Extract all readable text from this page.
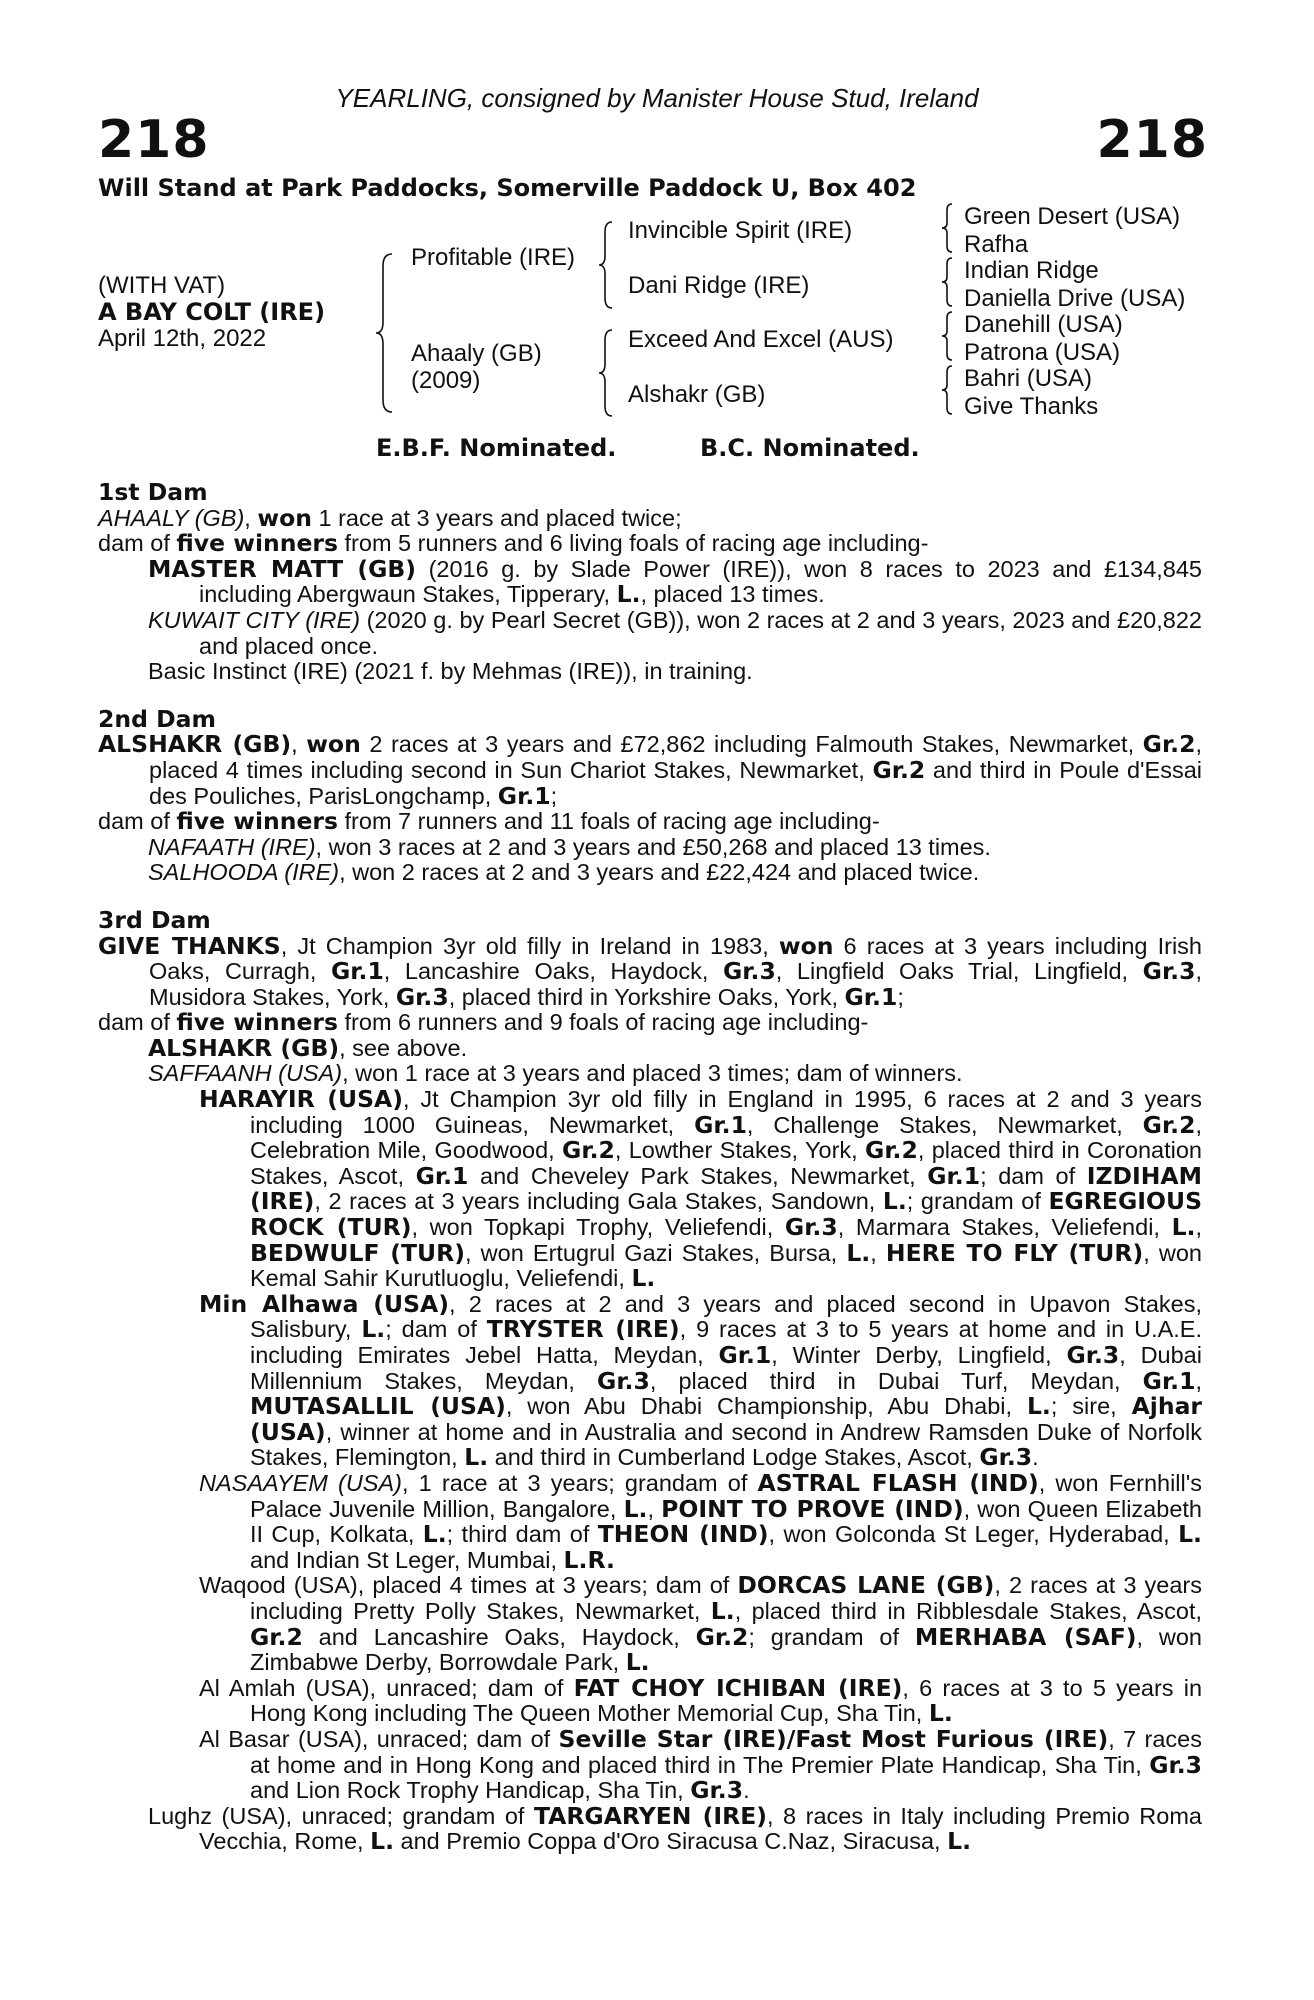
YEARLING, consigned by Manister House Stud, Ireland
218	218
Will Stand at Park Paddocks, Somerville Paddock U, Box 402
(WITH VAT)
A BAY COLT (IRE)
April 12th, 2022
Profitable (IRE)
Ahaaly (GB)
(2009)
Invincible Spirit (IRE)
Dani Ridge (IRE)
Exceed And Excel (AUS)
Alshakr (GB)
Green Desert (USA)
Rafha
Indian Ridge
Daniella Drive (USA)
Danehill (USA)
Patrona (USA)
Bahri (USA)
Give Thanks
E.B.F. Nominated.	B.C. Nominated.

1st Dam

AHAALY (GB), won 1 race at 3 years and placed twice;

dam of five winners from 5 runners and 6 living foals of racing age including-

MASTER MATT (GB) (2016 g. by Slade Power (IRE)), won 8 races to 2023 and £134,845 including Abergwaun Stakes, Tipperary, L., placed 13 times.

KUWAIT CITY (IRE) (2020 g. by Pearl Secret (GB)), won 2 races at 2 and 3 years, 2023 and £20,822 and placed once.

Basic Instinct (IRE) (2021 f. by Mehmas (IRE)), in training.

2nd Dam

ALSHAKR (GB), won 2 races at 3 years and £72,862 including Falmouth Stakes, Newmarket, Gr.2, placed 4 times including second in Sun Chariot Stakes, Newmarket, Gr.2 and third in Poule d'Essai des Pouliches, ParisLongchamp, Gr.1;

dam of five winners from 7 runners and 11 foals of racing age including-

NAFAATH (IRE), won 3 races at 2 and 3 years and £50,268 and placed 13 times.

SALHOODA (IRE), won 2 races at 2 and 3 years and £22,424 and placed twice.

3rd Dam

GIVE THANKS, Jt Champion 3yr old filly in Ireland in 1983, won 6 races at 3 years including Irish Oaks, Curragh, Gr.1, Lancashire Oaks, Haydock, Gr.3, Lingfield Oaks Trial, Lingfield, Gr.3, Musidora Stakes, York, Gr.3, placed third in Yorkshire Oaks, York, Gr.1;

dam of five winners from 6 runners and 9 foals of racing age including-

ALSHAKR (GB), see above.

SAFFAANH (USA), won 1 race at 3 years and placed 3 times; dam of winners.

HARAYIR (USA), Jt Champion 3yr old filly in England in 1995, 6 races at 2 and 3 years including 1000 Guineas, Newmarket, Gr.1, Challenge Stakes, Newmarket, Gr.2, Celebration Mile, Goodwood, Gr.2, Lowther Stakes, York, Gr.2, placed third in Coronation Stakes, Ascot, Gr.1 and Cheveley Park Stakes, Newmarket, Gr.1; dam of IZDIHAM (IRE), 2 races at 3 years including Gala Stakes, Sandown, L.; grandam of EGREGIOUS ROCK (TUR), won Topkapi Trophy, Veliefendi, Gr.3, Marmara Stakes, Veliefendi, L., BEDWULF (TUR), won Ertugrul Gazi Stakes, Bursa, L., HERE TO FLY (TUR), won Kemal Sahir Kurutluoglu, Veliefendi, L.

Min Alhawa (USA), 2 races at 2 and 3 years and placed second in Upavon Stakes, Salisbury, L.; dam of TRYSTER (IRE), 9 races at 3 to 5 years at home and in U.A.E. including Emirates Jebel Hatta, Meydan, Gr.1, Winter Derby, Lingfield, Gr.3, Dubai Millennium Stakes, Meydan, Gr.3, placed third in Dubai Turf, Meydan, Gr.1, MUTASALLIL (USA), won Abu Dhabi Championship, Abu Dhabi, L.; sire, Ajhar (USA), winner at home and in Australia and second in Andrew Ramsden Duke of Norfolk Stakes, Flemington, L. and third in Cumberland Lodge Stakes, Ascot, Gr.3.

NASAAYEM (USA), 1 race at 3 years; grandam of ASTRAL FLASH (IND), won Fernhill's Palace Juvenile Million, Bangalore, L., POINT TO PROVE (IND), won Queen Elizabeth II Cup, Kolkata, L.; third dam of THEON (IND), won Golconda St Leger, Hyderabad, L. and Indian St Leger, Mumbai, L.R.

Waqood (USA), placed 4 times at 3 years; dam of DORCAS LANE (GB), 2 races at 3 years including Pretty Polly Stakes, Newmarket, L., placed third in Ribblesdale Stakes, Ascot, Gr.2 and Lancashire Oaks, Haydock, Gr.2; grandam of MERHABA (SAF), won Zimbabwe Derby, Borrowdale Park, L.

Al Amlah (USA), unraced; dam of FAT CHOY ICHIBAN (IRE), 6 races at 3 to 5 years in Hong Kong including The Queen Mother Memorial Cup, Sha Tin, L.

Al Basar (USA), unraced; dam of Seville Star (IRE)/Fast Most Furious (IRE), 7 races at home and in Hong Kong and placed third in The Premier Plate Handicap, Sha Tin, Gr.3 and Lion Rock Trophy Handicap, Sha Tin, Gr.3.

Lughz (USA), unraced; grandam of TARGARYEN (IRE), 8 races in Italy including Premio Roma Vecchia, Rome, L. and Premio Coppa d'Oro Siracusa C.Naz, Siracusa, L.
